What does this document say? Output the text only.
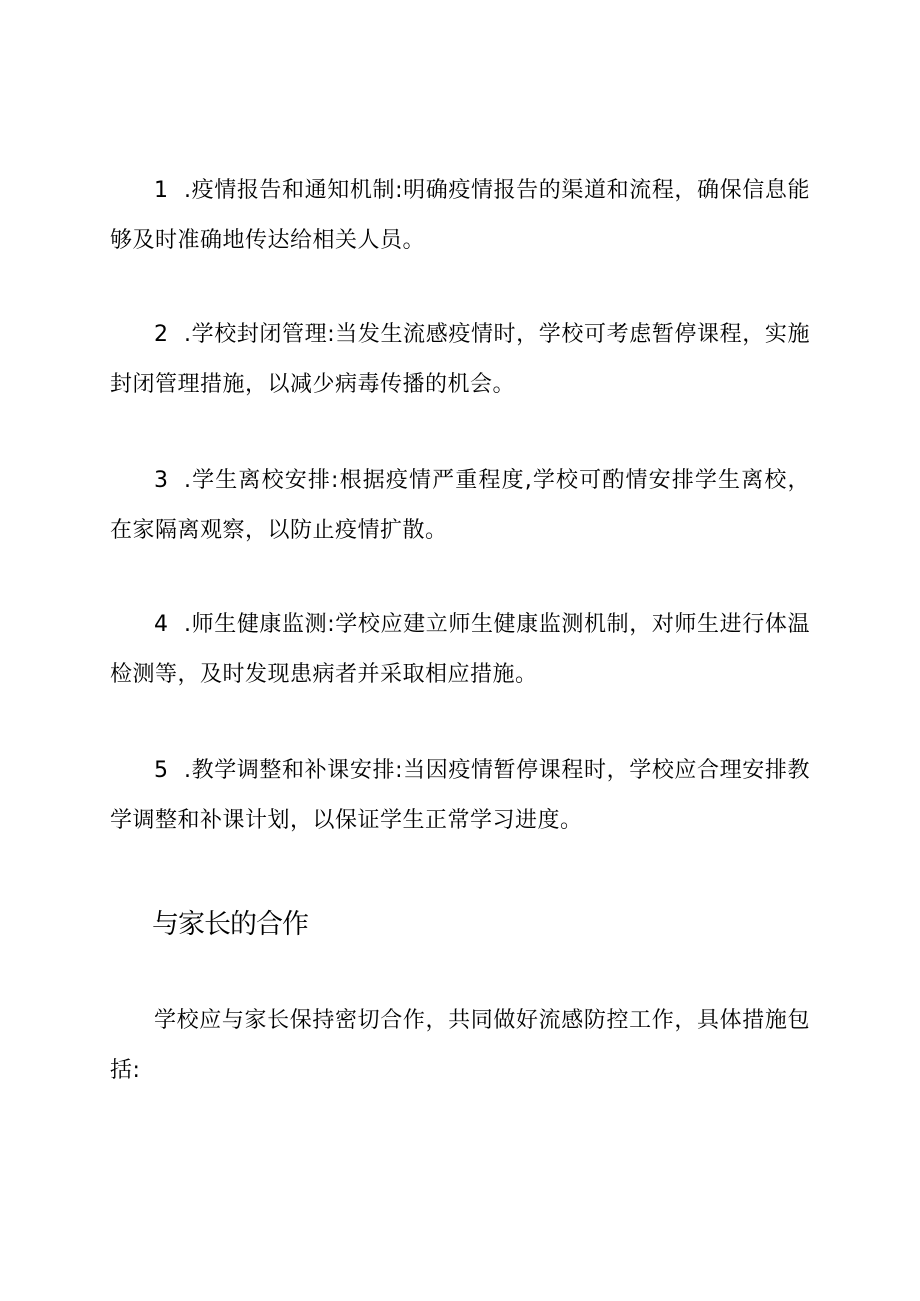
1 .疫情报告和通知机制:明确疫情报告的渠道和流程，确保信息能够及时准确地传达给相关人员。
2 .学校封闭管理:当发生流感疫情时，学校可考虑暂停课程，实施封闭管理措施，以减少病毒传播的机会。
3 .学生离校安排:根据疫情严重程度,学校可酌情安排学生离校，在家隔离观察，以防止疫情扩散。
4 .师生健康监测:学校应建立师生健康监测机制，对师生进行体温检测等，及时发现患病者并采取相应措施。
5 .教学调整和补课安排:当因疫情暂停课程时，学校应合理安排教学调整和补课计划，以保证学生正常学习进度。
与家长的合作
学校应与家长保持密切合作，共同做好流感防控工作，具体措施包括:
